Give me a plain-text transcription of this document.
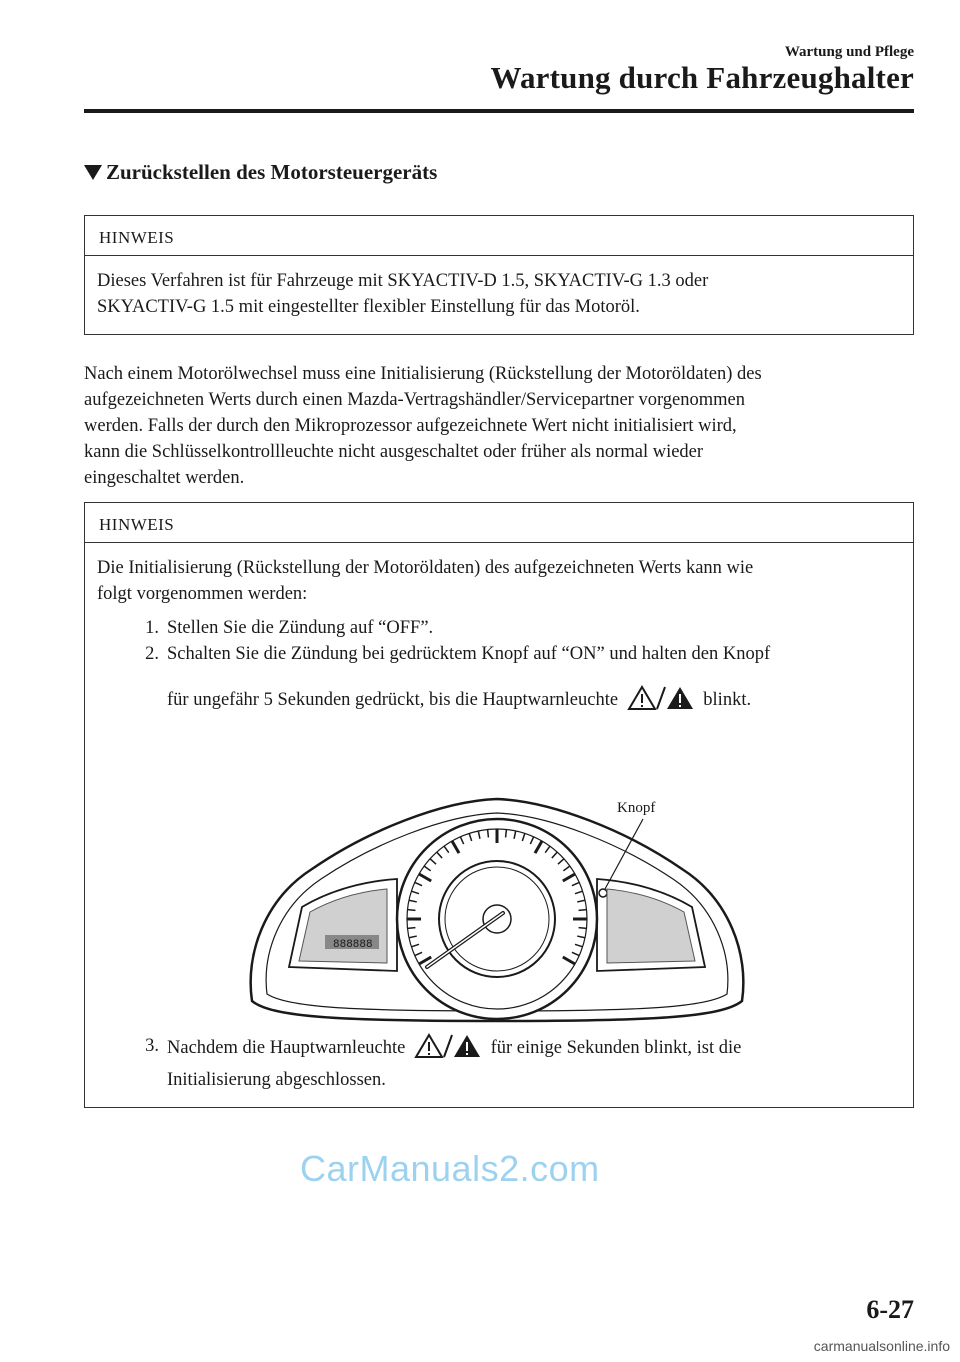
Wartung und Pflege
Wartung durch Fahrzeughalter
Zurückstellen des Motorsteuergeräts
HINWEIS
Dieses Verfahren ist für Fahrzeuge mit SKYACTIV-D 1.5, SKYACTIV-G 1.3 oder
SKYACTIV-G 1.5 mit eingestellter flexibler Einstellung für das Motoröl.
Nach einem Motorölwechsel muss eine Initialisierung (Rückstellung der Motoröldaten) des
aufgezeichneten Werts durch einen Mazda-Vertragshändler/Servicepartner vorgenommen
werden. Falls der durch den Mikroprozessor aufgezeichnete Wert nicht initialisiert wird,
kann die Schlüsselkontrollleuchte nicht ausgeschaltet oder früher als normal wieder
eingeschaltet werden.
HINWEIS
Die Initialisierung (Rückstellung der Motoröldaten) des aufgezeichneten Werts kann wie
folgt vorgenommen werden:
1. Stellen Sie die Zündung auf “OFF”.
2. Schalten Sie die Zündung bei gedrücktem Knopf auf “ON” und halten den Knopf
für ungefähr 5 Sekunden gedrückt, bis die Hauptwarnleuchte	blinkt.
Knopf
888888
3. Nachdem die Hauptwarnleuchte	für einige Sekunden blinkt, ist die
Initialisierung abgeschlossen.
CarManuals2.com
6-27
carmanualsonline.info
